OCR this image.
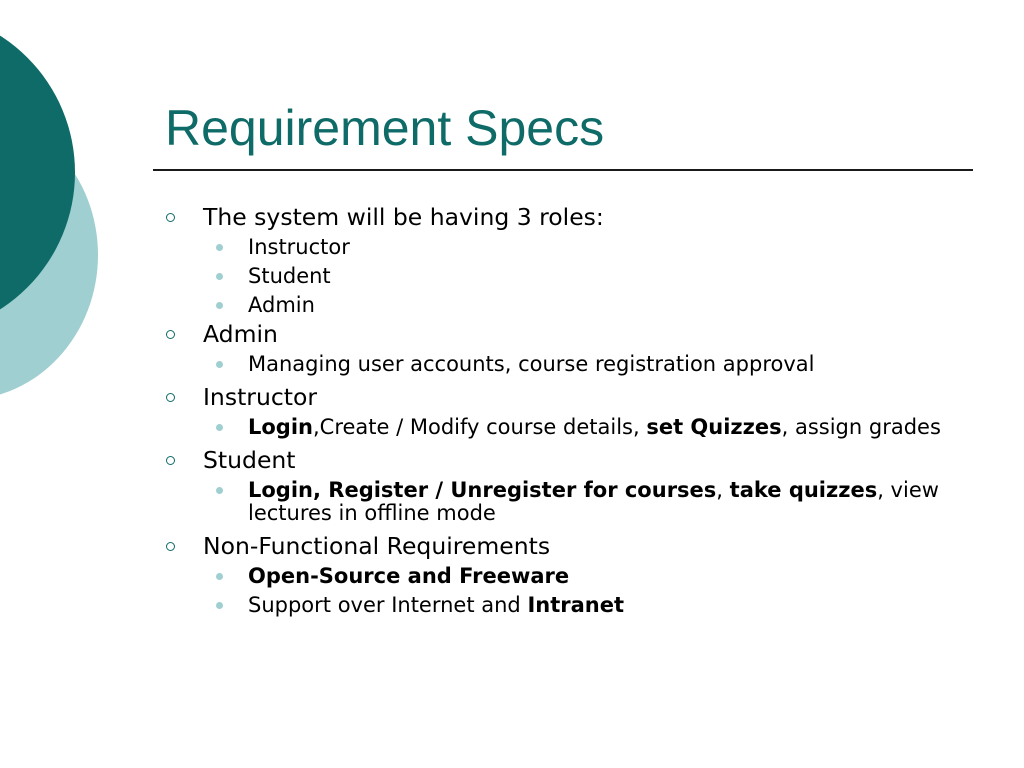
Requirement Specs
The system will be having 3 roles:
Instructor
Student
Admin
Admin
Managing user accounts, course registration approval
Instructor
Login,Create / Modify course details, set Quizzes, assign grades
Student
Login, Register / Unregister for courses, take quizzes, view lectures in offline mode
Non-Functional Requirements
Open-Source and Freeware
Support over Internet and Intranet
